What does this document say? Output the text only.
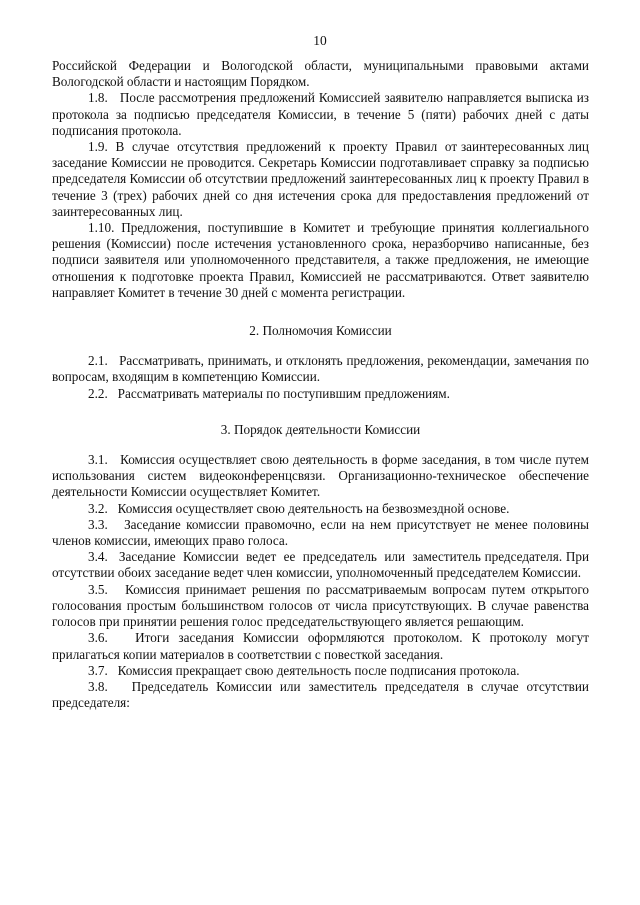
10

Российской Федерации и Вологодской области, муниципальными правовыми актами Вологодской области и настоящим Порядком.

1.8.   После рассмотрения предложений Комиссией заявителю направляется выписка из протокола за подписью председателя Комиссии, в течение 5 (пяти) рабочих дней с даты подписания протокола.

1.9.  В  случае  отсутствия  предложений  к  проекту  Правил  от заинтересованных лиц заседание Комиссии не проводится. Секретарь Комиссии подготавливает справку за подписью председателя Комиссии об отсутствии предложений заинтересованных лиц к проекту Правил в течение 3 (трех) рабочих дней со дня истечения срока для предоставления предложений от заинтересованных лиц.

1.10. Предложения, поступившие в Комитет и требующие принятия коллегиального решения (Комиссии) после истечения установленного срока, неразборчиво написанные, без подписи заявителя или уполномоченного представителя, а также предложения, не имеющие отношения к подготовке проекта Правил, Комиссией не рассматриваются. Ответ заявителю направляет Комитет в течение 30 дней с момента регистрации.

2. Полномочия Комиссии

2.1.   Рассматривать, принимать, и отклонять предложения, рекомендации, замечания по вопросам, входящим в компетенцию Комиссии.

2.2.   Рассматривать материалы по поступившим предложениям.

3. Порядок деятельности Комиссии

3.1.   Комиссия осуществляет свою деятельность в форме заседания, в том числе путем использования систем видеоконференцсвязи. Организационно-техническое обеспечение деятельности Комиссии осуществляет Комитет.

3.2.   Комиссия осуществляет свою деятельность на безвозмездной основе.

3.3.   Заседание комиссии правомочно, если на нем присутствует не менее половины членов комиссии, имеющих право голоса.

3.4.   Заседание  Комиссии  ведет  ее  председатель  или  заместитель председателя. При отсутствии обоих заседание ведет член комиссии, уполномоченный председателем Комиссии.

3.5.   Комиссия принимает решения по рассматриваемым вопросам путем открытого голосования простым большинством голосов от числа присутствующих. В случае равенства голосов при принятии решения голос председательствующего является решающим.

3.6.   Итоги заседания Комиссии оформляются протоколом. К протоколу могут прилагаться копии материалов в соответствии с повесткой заседания.

3.7.   Комиссия прекращает свою деятельность после подписания протокола.

3.8.   Председатель Комиссии или заместитель председателя в случае отсутствии председателя:
